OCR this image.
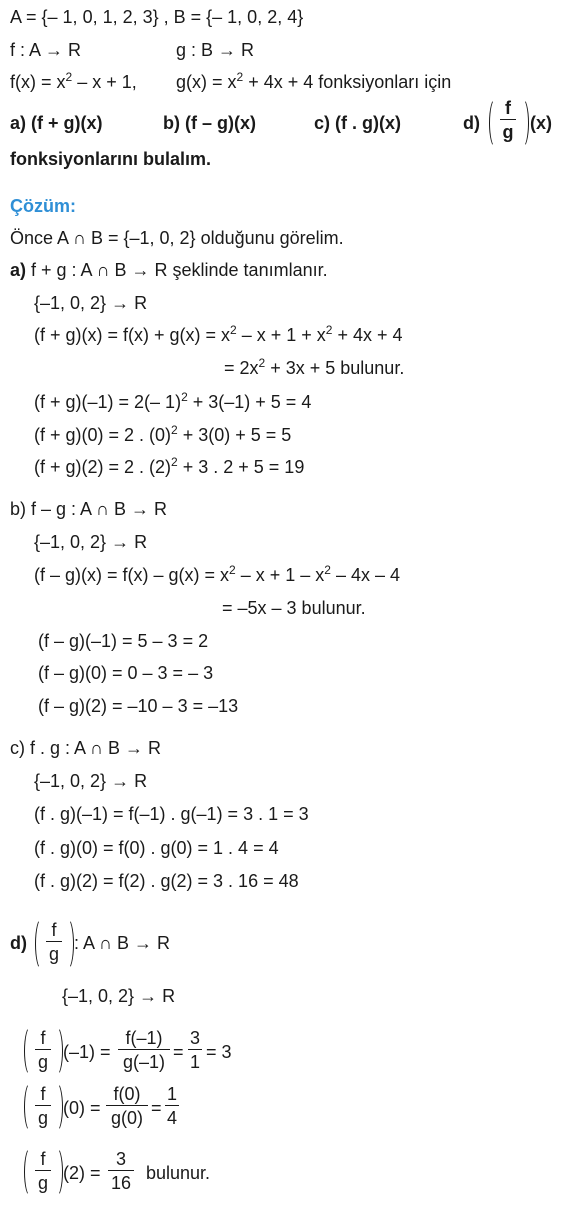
A = {– 1, 0, 1, 2, 3} , B = {– 1, 0, 2, 4}
f : A → R	g : B → R
$f(x) = x^2 - x + 1$, $g(x) = x^2 + 4x + 4$ fonksiyonları için
a) (f + g)(x)	b) (f – g)(x)	c) (f . g)(x)	d)
f
g (x)
fonksiyonlarını bulalım.
Çözüm:
Önce A ∩ B = {–1, 0, 2} olduğunu görelim.
a) f + g : A ∩ B → R şeklinde tanımlanır.
{–1, 0, 2} → R
$(f + g)(x) = f(x) + g(x) = x^2 - x + 1 + x^2 + 4x + 4$
= $2x^2 + 3x + 5$ bulunur.
(f + g)(–1) = 2(– 1)$^2$ + 3(–1) + 5 = 4
(f + g)(0) = 2 . $(0)^2 + 3(0) + 5 = 5$
(f + g)(2) = 2 . $(2)^2 + 3$ . 2 + 5 = 19
b) f – g : A ∩ B → R
{–1, 0, 2} → R
$(f - g)(x) = f(x) - g(x) = x^2 - x + 1 - x^2 - 4x - 4$
= –5x – 3 bulunur.
(f – g)(–1) = 5 – 3 = 2
(f – g)(0) = 0 – 3 = – 3
(f – g)(2) = –10 – 3 = –13
c) f . g : A ∩ B → R
{–1, 0, 2} → R
(f . g)(–1) = f(–1) . g(–1) = 3 . 1 = 3
(f . g)(0) = f(0) . g(0) = 1 . 4 = 4
(f . g)(2) = f(2) . g(2) = 3 . 16 = 48
d)
f
g
: A ∩ B → R
{–1, 0, 2} → R
f
g (–1) =
f(–1)
g(–1) =
3
1 = 3
f
g (0) =
f(0)
g(0) =
1
4
f
g (2) =
3
16 bulunur.
